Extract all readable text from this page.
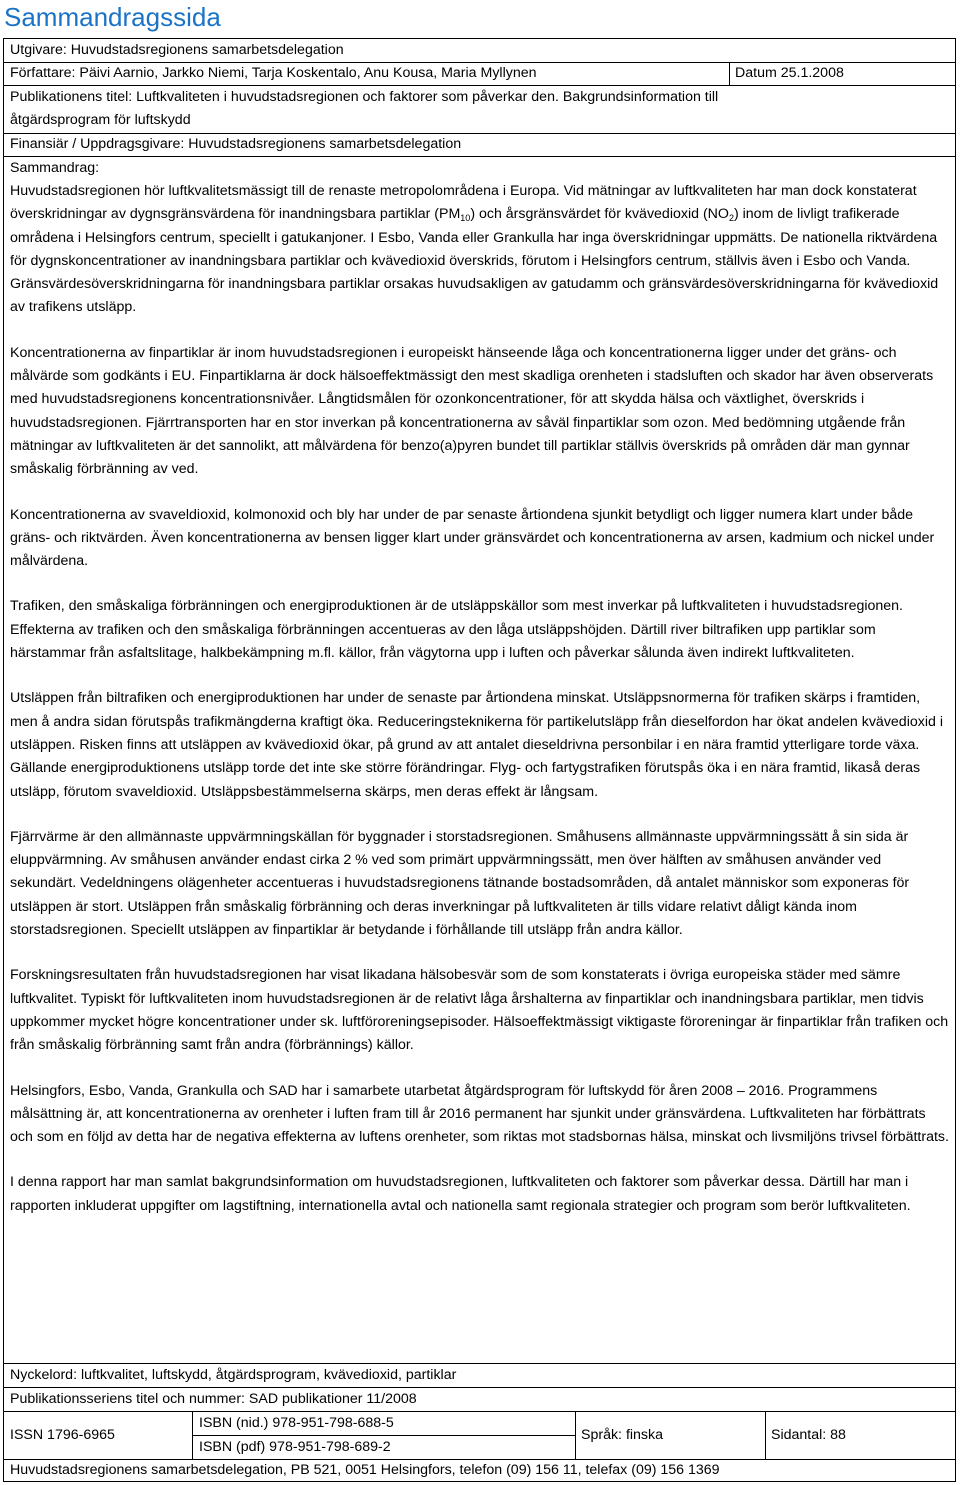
Sammandragssida
Utgivare: Huvudstadsregionens samarbetsdelegation
Författare: Päivi Aarnio, Jarkko Niemi, Tarja Koskentalo, Anu Kousa, Maria Myllynen	Datum 25.1.2008
Publikationens titel: Luftkvaliteten i huvudstadsregionen och faktorer som påverkar den. Bakgrundsinformation till
åtgärdsprogram för luftskydd
Finansiär / Uppdragsgivare: Huvudstadsregionens samarbetsdelegation
Sammandrag:

Huvudstadsregionen hör luftkvalitetsmässigt till de renaste metropolområdena i Europa. Vid mätningar av luftkvaliteten har man dock konstaterat överskridningar av dygnsgränsvärdena för inandningsbara partiklar $(PM_{10})$ och årsgränsvärdet för kvävedioxid $(NO_2)$ inom de livligt trafikerade områdena i Helsingfors centrum, speciellt i gatukanjoner. I Esbo, Vanda eller Grankulla har inga överskridningar uppmätts. De nationella riktvärdena för dygnskoncentrationer av inandningsbara partiklar och kvävedioxid överskrids, förutom i Helsingfors centrum, ställvis även i Esbo och Vanda. Gränsvärdesöverskridningarna för inandningsbara partiklar orsakas huvudsakligen av gatudamm och gränsvärdesöverskridningarna för kvävedioxid av trafikens utsläpp.

Koncentrationerna av finpartiklar är inom huvudstadsregionen i europeiskt hänseende låga och koncentrationerna ligger under det gräns- och målvärde som godkänts i EU. Finpartiklarna är dock hälsoeffektmässigt den mest skadliga orenheten i stadsluften och skador har även observerats med huvudstadsregionens koncentrationsnivåer. Långtidsmålen för ozonkoncentrationer, för att skydda hälsa och växtlighet, överskrids i huvudstadsregionen. Fjärrtransporten har en stor inverkan på koncentrationerna av såväl finpartiklar som ozon. Med bedömning utgående från mätningar av luftkvaliteten är det sannolikt, att målvärdena för benzo(a)pyren bundet till partiklar ställvis överskrids på områden där man gynnar småskalig förbränning av ved.

Koncentrationerna av svaveldioxid, kolmonoxid och bly har under de par senaste årtiondena sjunkit betydligt och ligger numera klart under både gräns- och riktvärden. Även koncentrationerna av bensen ligger klart under gränsvärdet och koncentrationerna av arsen, kadmium och nickel under målvärdena.

Trafiken, den småskaliga förbränningen och energiproduktionen är de utsläppskällor som mest inverkar på luftkvaliteten i huvudstadsregionen. Effekterna av trafiken och den småskaliga förbränningen accentueras av den låga utsläppshöjden. Därtill river biltrafiken upp partiklar som härstammar från asfaltslitage, halkbekämpning m.fl. källor, från vägytorna upp i luften och påverkar sålunda även indirekt luftkvaliteten.

Utsläppen från biltrafiken och energiproduktionen har under de senaste par årtiondena minskat. Utsläppsnormerna för trafiken skärps i framtiden, men å andra sidan förutspås trafikmängderna kraftigt öka. Reduceringsteknikerna för partikelutsläpp från dieselfordon har ökat andelen kvävedioxid i utsläppen. Risken finns att utsläppen av kvävedioxid ökar, på grund av att antalet dieseldrivna personbilar i en nära framtid ytterligare torde växa. Gällande energiproduktionens utsläpp torde det inte ske större förändringar. Flyg- och fartygstrafiken förutspås öka i en nära framtid, likaså deras utsläpp, förutom svaveldioxid. Utsläppsbestämmelserna skärps, men deras effekt är långsam.

Fjärrvärme är den allmännaste uppvärmningskällan för byggnader i storstadsregionen. Småhusens allmännaste uppvärmningssätt å sin sida är eluppvärmning. Av småhusen använder endast cirka 2 % ved som primärt uppvärmningssätt, men över hälften av småhusen använder ved sekundärt. Vedeldningens olägenheter accentueras i huvudstadsregionens tätnande bostadsområden, då antalet människor som exponeras för utsläppen är stort. Utsläppen från småskalig förbränning och deras inverkningar på luftkvaliteten är tills vidare relativt dåligt kända inom storstadsregionen. Speciellt utsläppen av finpartiklar är betydande i förhållande till utsläpp från andra källor.

Forskningsresultaten från huvudstadsregionen har visat likadana hälsobesvär som de som konstaterats i övriga europeiska städer med sämre luftkvalitet. Typiskt för luftkvaliteten inom huvudstadsregionen är de relativt låga årshalterna av finpartiklar och inandningsbara partiklar, men tidvis uppkommer mycket högre koncentrationer under sk. luftföroreningsepisoder. Hälsoeffektmässigt viktigaste föroreningar är finpartiklar från trafiken och från småskalig förbränning samt från andra (förbrännings) källor.

Helsingfors, Esbo, Vanda, Grankulla och SAD har i samarbete utarbetat åtgärdsprogram för luftskydd för åren 2008 – 2016. Programmens målsättning är, att koncentrationerna av orenheter i luften fram till år 2016 permanent har sjunkit under gränsvärdena. Luftkvaliteten har förbättrats och som en följd av detta har de negativa effekterna av luftens orenheter, som riktas mot stadsbornas hälsa, minskat och livsmiljöns trivsel förbättrats.

I denna rapport har man samlat bakgrundsinformation om huvudstadsregionen, luftkvaliteten och faktorer som påverkar dessa. Därtill har man i rapporten inkluderat uppgifter om lagstiftning, internationella avtal och nationella samt regionala strategier och program som berör luftkvaliteten.

Nyckelord: luftkvalitet, luftskydd, åtgärdsprogram, kvävedioxid, partiklar
Publikationsseriens titel och nummer: SAD publikationer 11/2008
ISSN 1796-6965
ISBN (nid.) 978-951-798-688-5
ISBN (pdf) 978-951-798-689-2
Språk: finska	Sidantal: 88
Huvudstadsregionens samarbetsdelegation, PB 521, 0051 Helsingfors, telefon (09) 156 11, telefax (09) 156 1369
